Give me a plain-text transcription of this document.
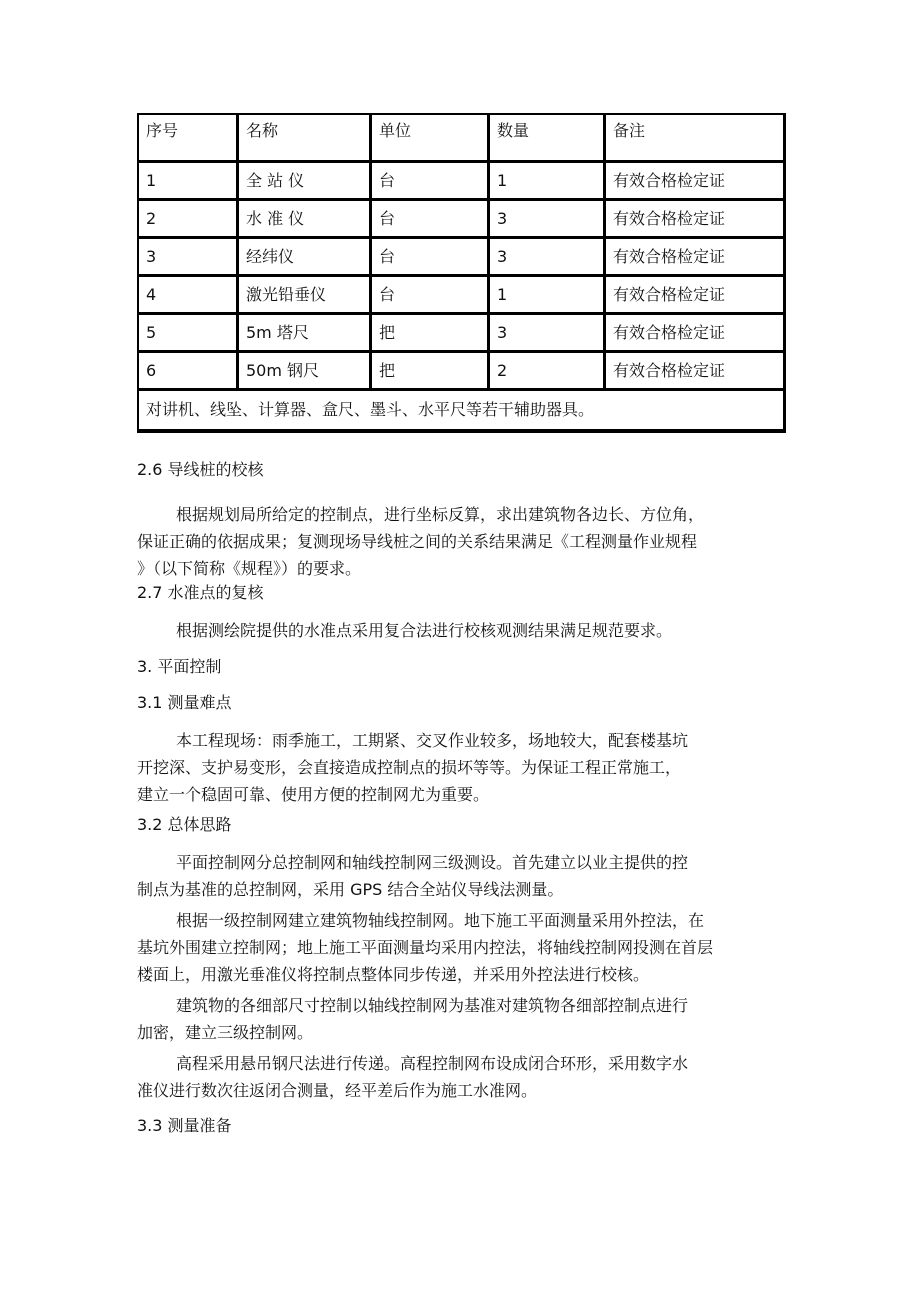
序号	名称	单位	数量	备注
1	全 站 仪	台	1	有效合格检定证
2	水 准 仪	台	3	有效合格检定证
3	经纬仪	台	3	有效合格检定证
4	激光铅垂仪	台	1	有效合格检定证
5	5m 塔尺	把	3	有效合格检定证
6	50m 钢尺	把	2	有效合格检定证
对讲机、线坠、计算器、盒尺、墨斗、水平尺等若干辅助器具。				
2.6 导线桩的校核
根据规划局所给定的控制点，进行坐标反算，求出建筑物各边长、方位角，
保证正确的依据成果；复测现场导线桩之间的关系结果满足《工程测量作业规程
》（以下简称《规程》）的要求。
2.7 水准点的复核
根据测绘院提供的水准点采用复合法进行校核观测结果满足规范要求。
3. 平面控制
3.1 测量难点
本工程现场：雨季施工，工期紧、交叉作业较多，场地较大，配套楼基坑
开挖深、支护易变形，会直接造成控制点的损坏等等。为保证工程正常施工，
建立一个稳固可靠、使用方便的控制网尤为重要。
3.2 总体思路
平面控制网分总控制网和轴线控制网三级测设。首先建立以业主提供的控
制点为基准的总控制网，采用 GPS 结合全站仪导线法测量。
根据一级控制网建立建筑物轴线控制网。地下施工平面测量采用外控法，在
基坑外围建立控制网；地上施工平面测量均采用内控法，将轴线控制网投测在首层
楼面上，用激光垂准仪将控制点整体同步传递，并采用外控法进行校核。
建筑物的各细部尺寸控制以轴线控制网为基准对建筑物各细部控制点进行
加密，建立三级控制网。
高程采用悬吊钢尺法进行传递。高程控制网布设成闭合环形，采用数字水
准仪进行数次往返闭合测量，经平差后作为施工水准网。
3.3 测量准备
